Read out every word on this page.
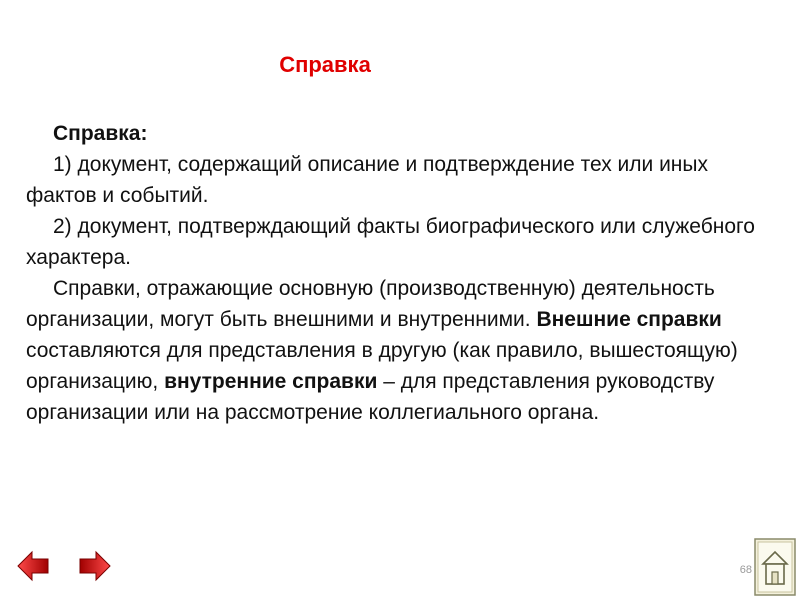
Справка

Справка:

1) документ, содержащий описание и подтверждение тех или иных фактов и событий.

2) документ, подтверждающий факты биографического или служебного характера.

Справки, отражающие основную (производственную) деятельность организации, могут быть внешними и внутренними. Внешние справки составляются для представления в другую (как правило, вышестоящую) организацию, внутренние справки – для представления руководству организации или на рассмотрение коллегиального органа.

68
